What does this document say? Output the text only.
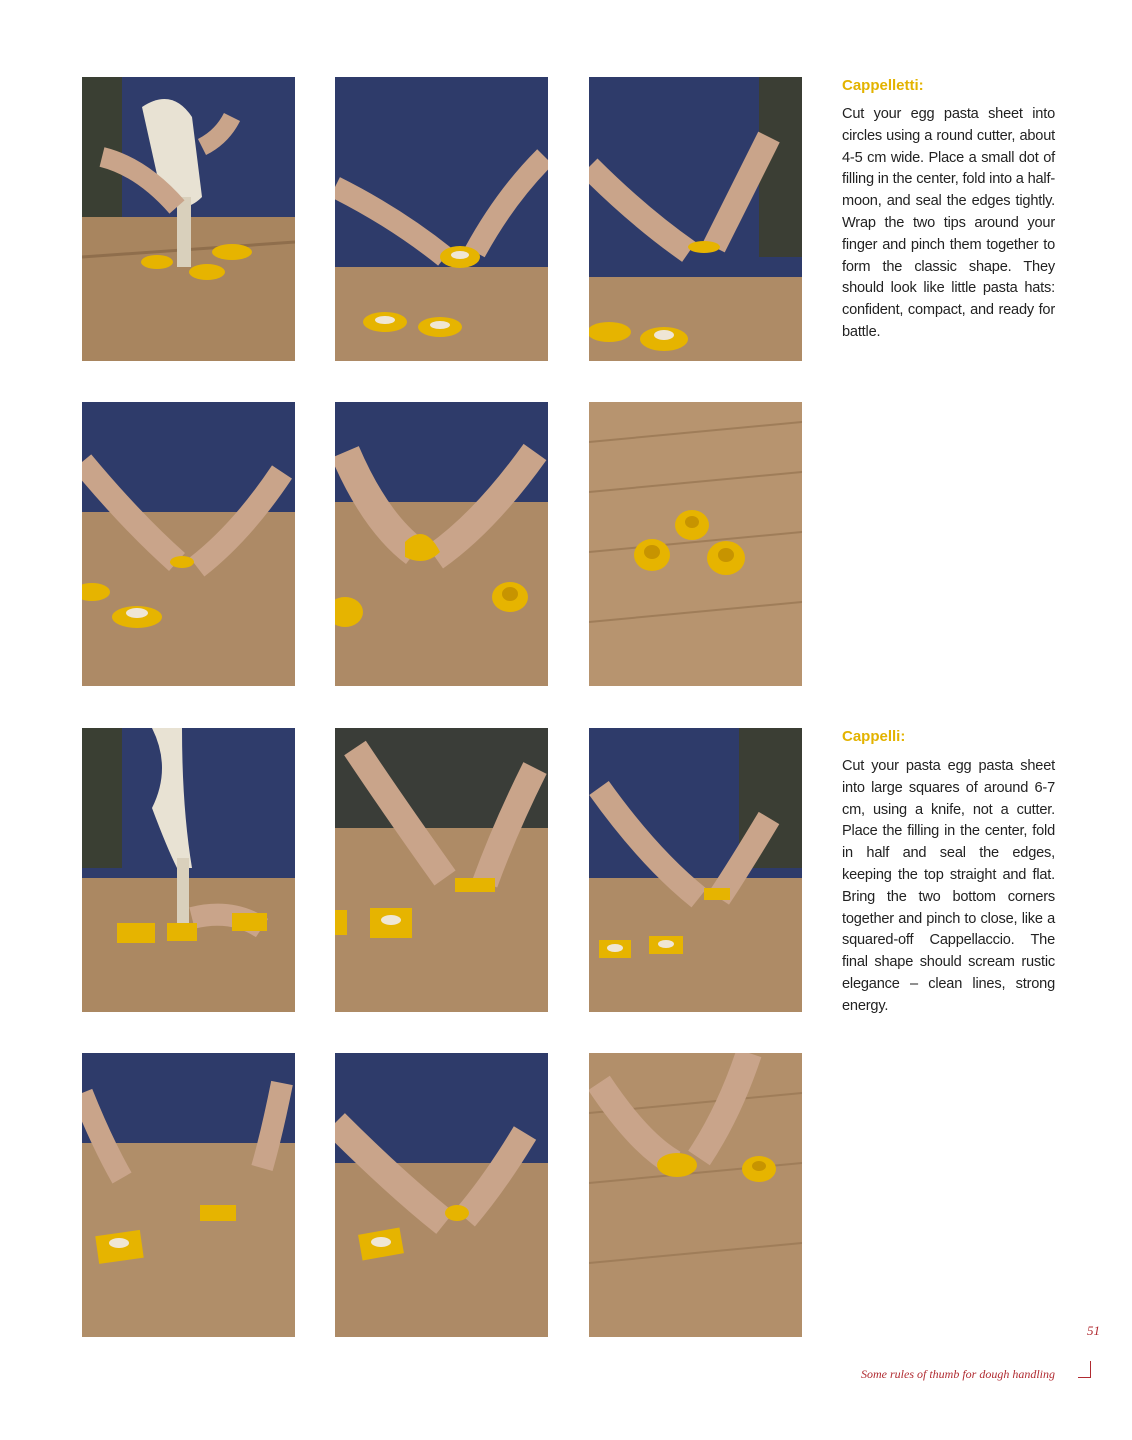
Cappelletti:

Cut your egg pasta sheet into circles using a round cutter, about 4-5 cm wide. Place a small dot of filling in the center, fold into a half-moon, and seal the edges tightly. Wrap the two tips around your finger and pinch them together to form the classic shape. They should look like little pasta hats: confident, compact, and ready for battle.

Cappelli:

Cut your pasta egg pasta sheet into large squares of around 6-7 cm, using a knife, not a cutter. Place the filling in the center, fold in half and seal the edges, keeping the top straight and flat. Bring the two bottom corners together and pinch to close, like a squared-off Cappellaccio. The final shape should scream rustic elegance – clean lines, strong energy.

51
Some rules of thumb for dough handling
